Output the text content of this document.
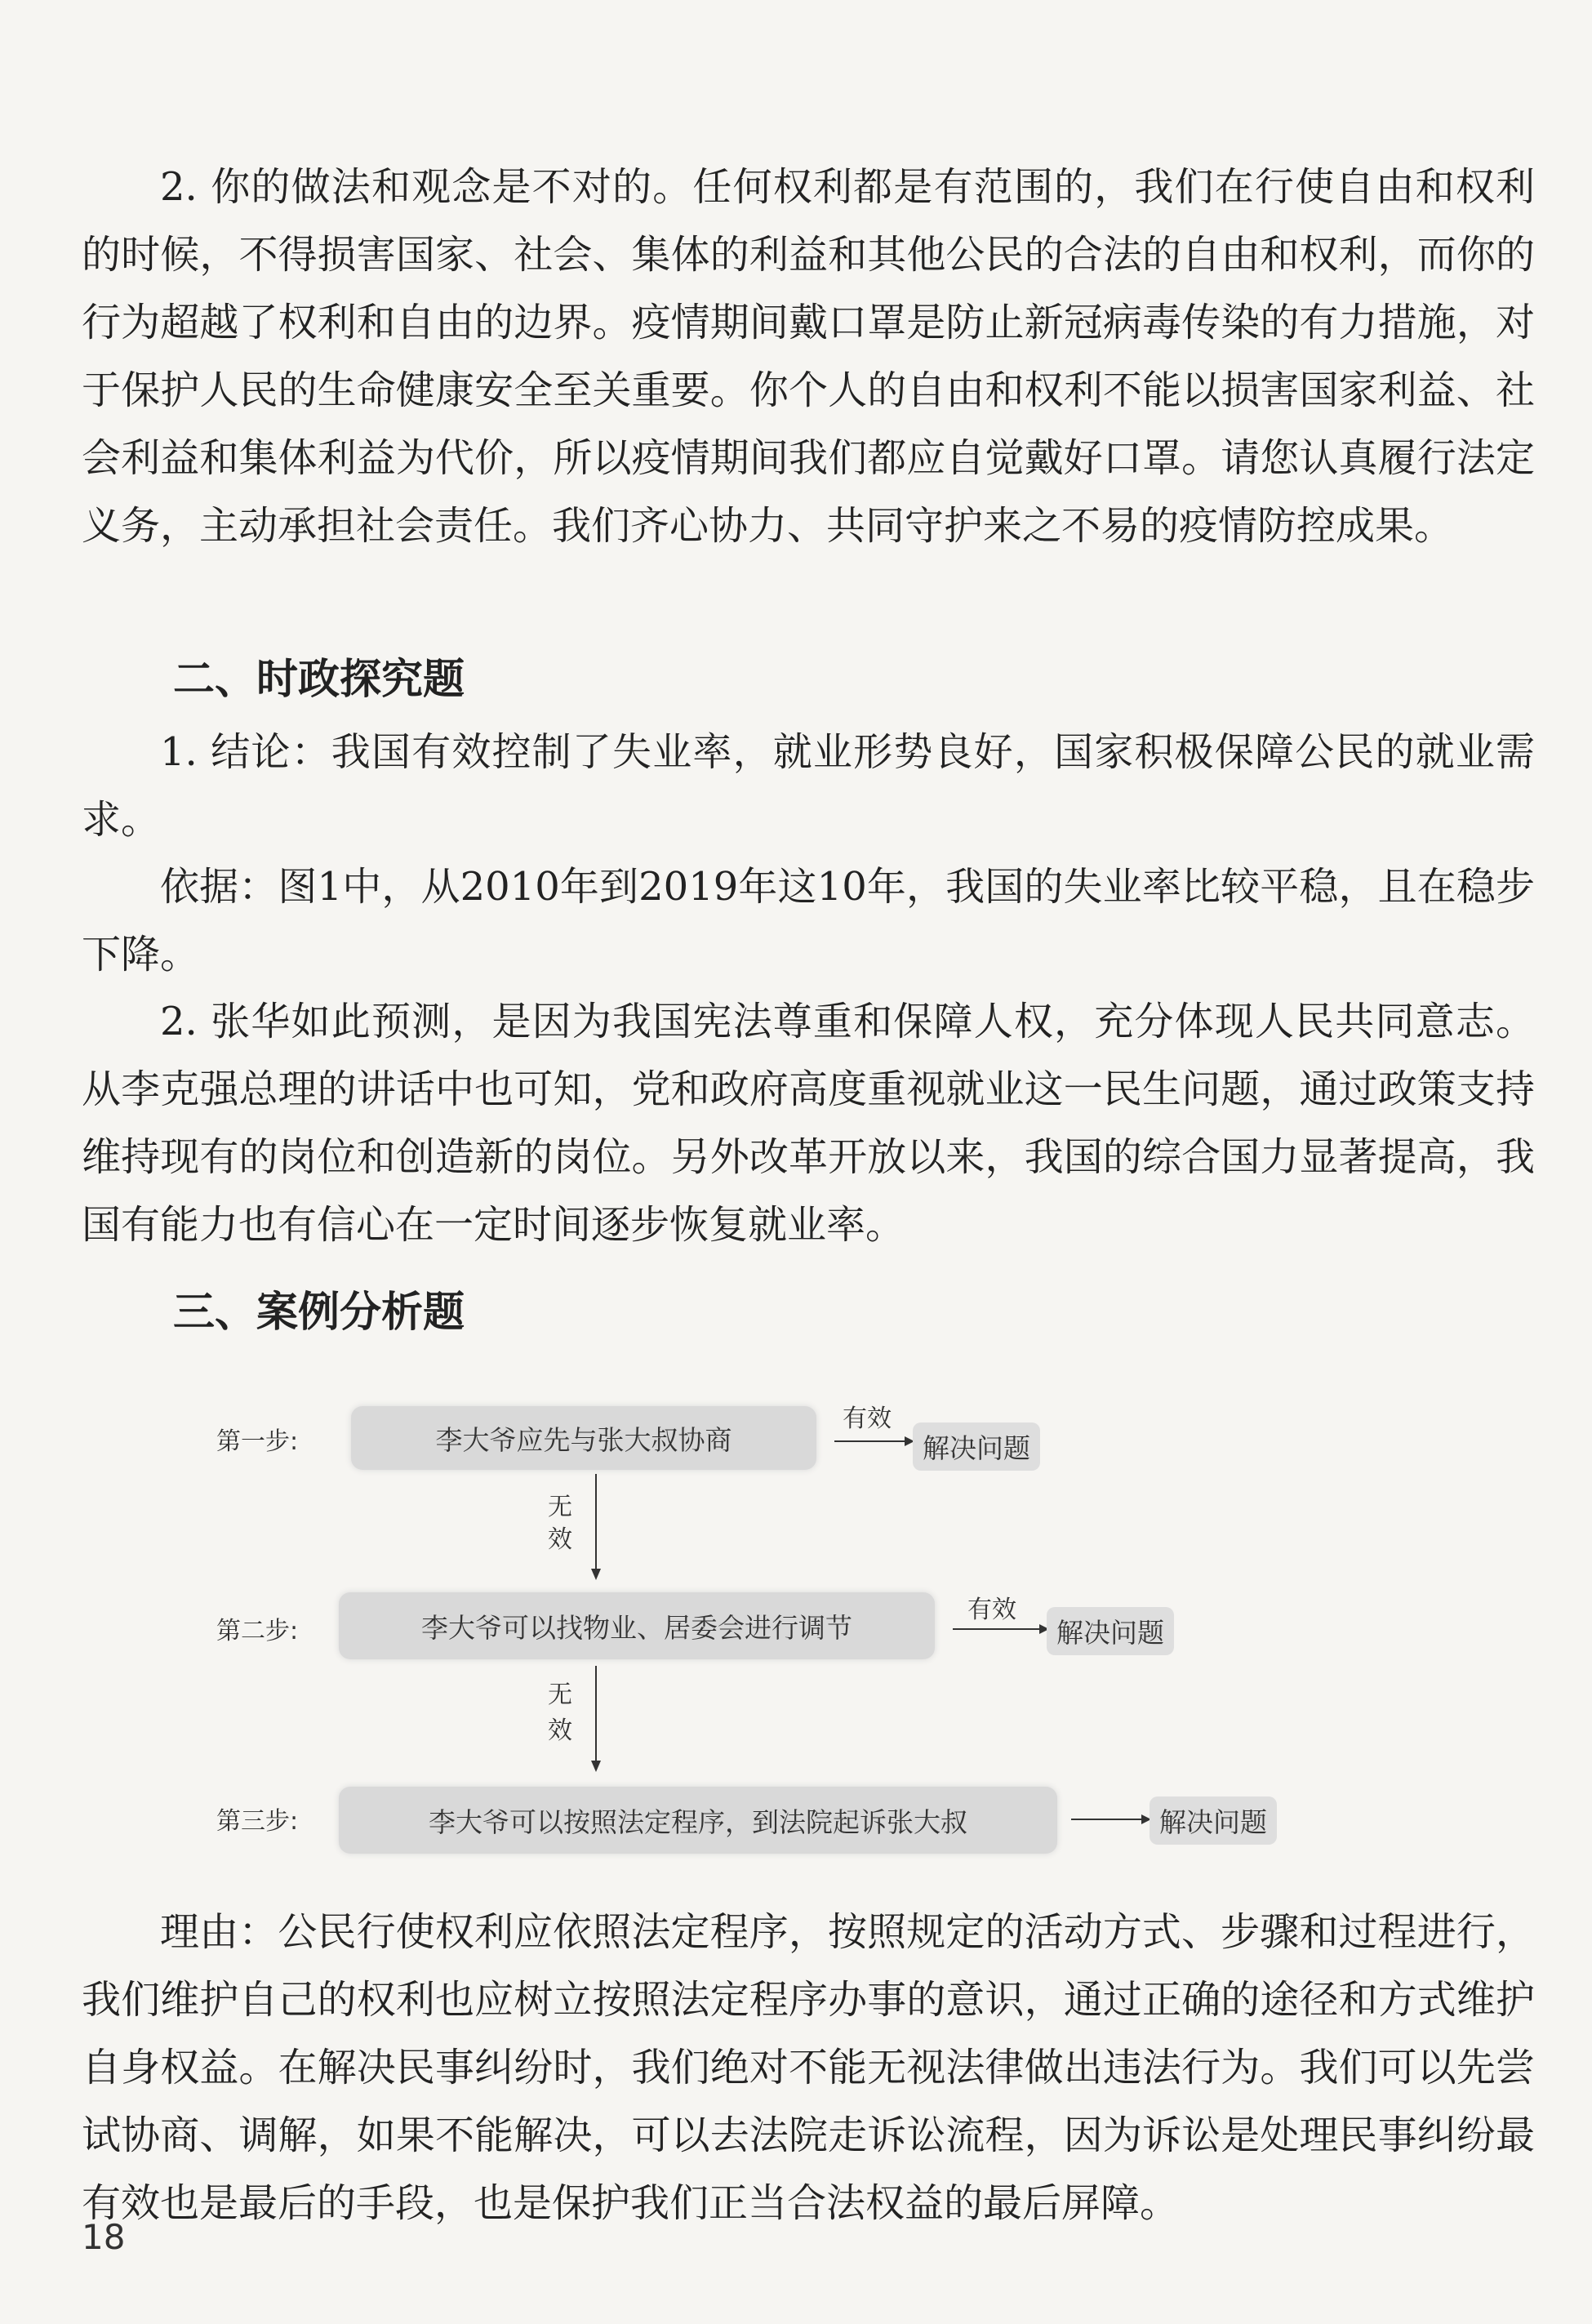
2. 你的做法和观念是不对的。任何权利都是有范围的，我们在行使自由和权利的时候，不得损害国家、社会、集体的利益和其他公民的合法的自由和权利，而你的行为超越了权利和自由的边界。疫情期间戴口罩是防止新冠病毒传染的有力措施，对于保护人民的生命健康安全至关重要。你个人的自由和权利不能以损害国家利益、社会利益和集体利益为代价，所以疫情期间我们都应自觉戴好口罩。请您认真履行法定义务，主动承担社会责任。我们齐心协力、共同守护来之不易的疫情防控成果。

二、时政探究题

1. 结论：我国有效控制了失业率，就业形势良好，国家积极保障公民的就业需求。

依据：图1中，从2010年到2019年这10年，我国的失业率比较平稳，且在稳步下降。

2. 张华如此预测，是因为我国宪法尊重和保障人权，充分体现人民共同意志。从李克强总理的讲话中也可知，党和政府高度重视就业这一民生问题，通过政策支持维持现有的岗位和创造新的岗位。另外改革开放以来，我国的综合国力显著提高，我国有能力也有信心在一定时间逐步恢复就业率。

三、案例分析题
第一步:	李大爷应先与张大叔协商
有效
解决问题
无
效
第二步:	李大爷可以找物业、居委会进行调节
有效
解决问题
无
效
第三步:	李大爷可以按照法定程序，到法院起诉张大叔	解决问题

理由：公民行使权利应依照法定程序，按照规定的活动方式、步骤和过程进行，我们维护自己的权利也应树立按照法定程序办事的意识，通过正确的途径和方式维护自身权益。在解决民事纠纷时，我们绝对不能无视法律做出违法行为。我们可以先尝试协商、调解，如果不能解决，可以去法院走诉讼流程，因为诉讼是处理民事纠纷最有效也是最后的手段，也是保护我们正当合法权益的最后屏障。

18
